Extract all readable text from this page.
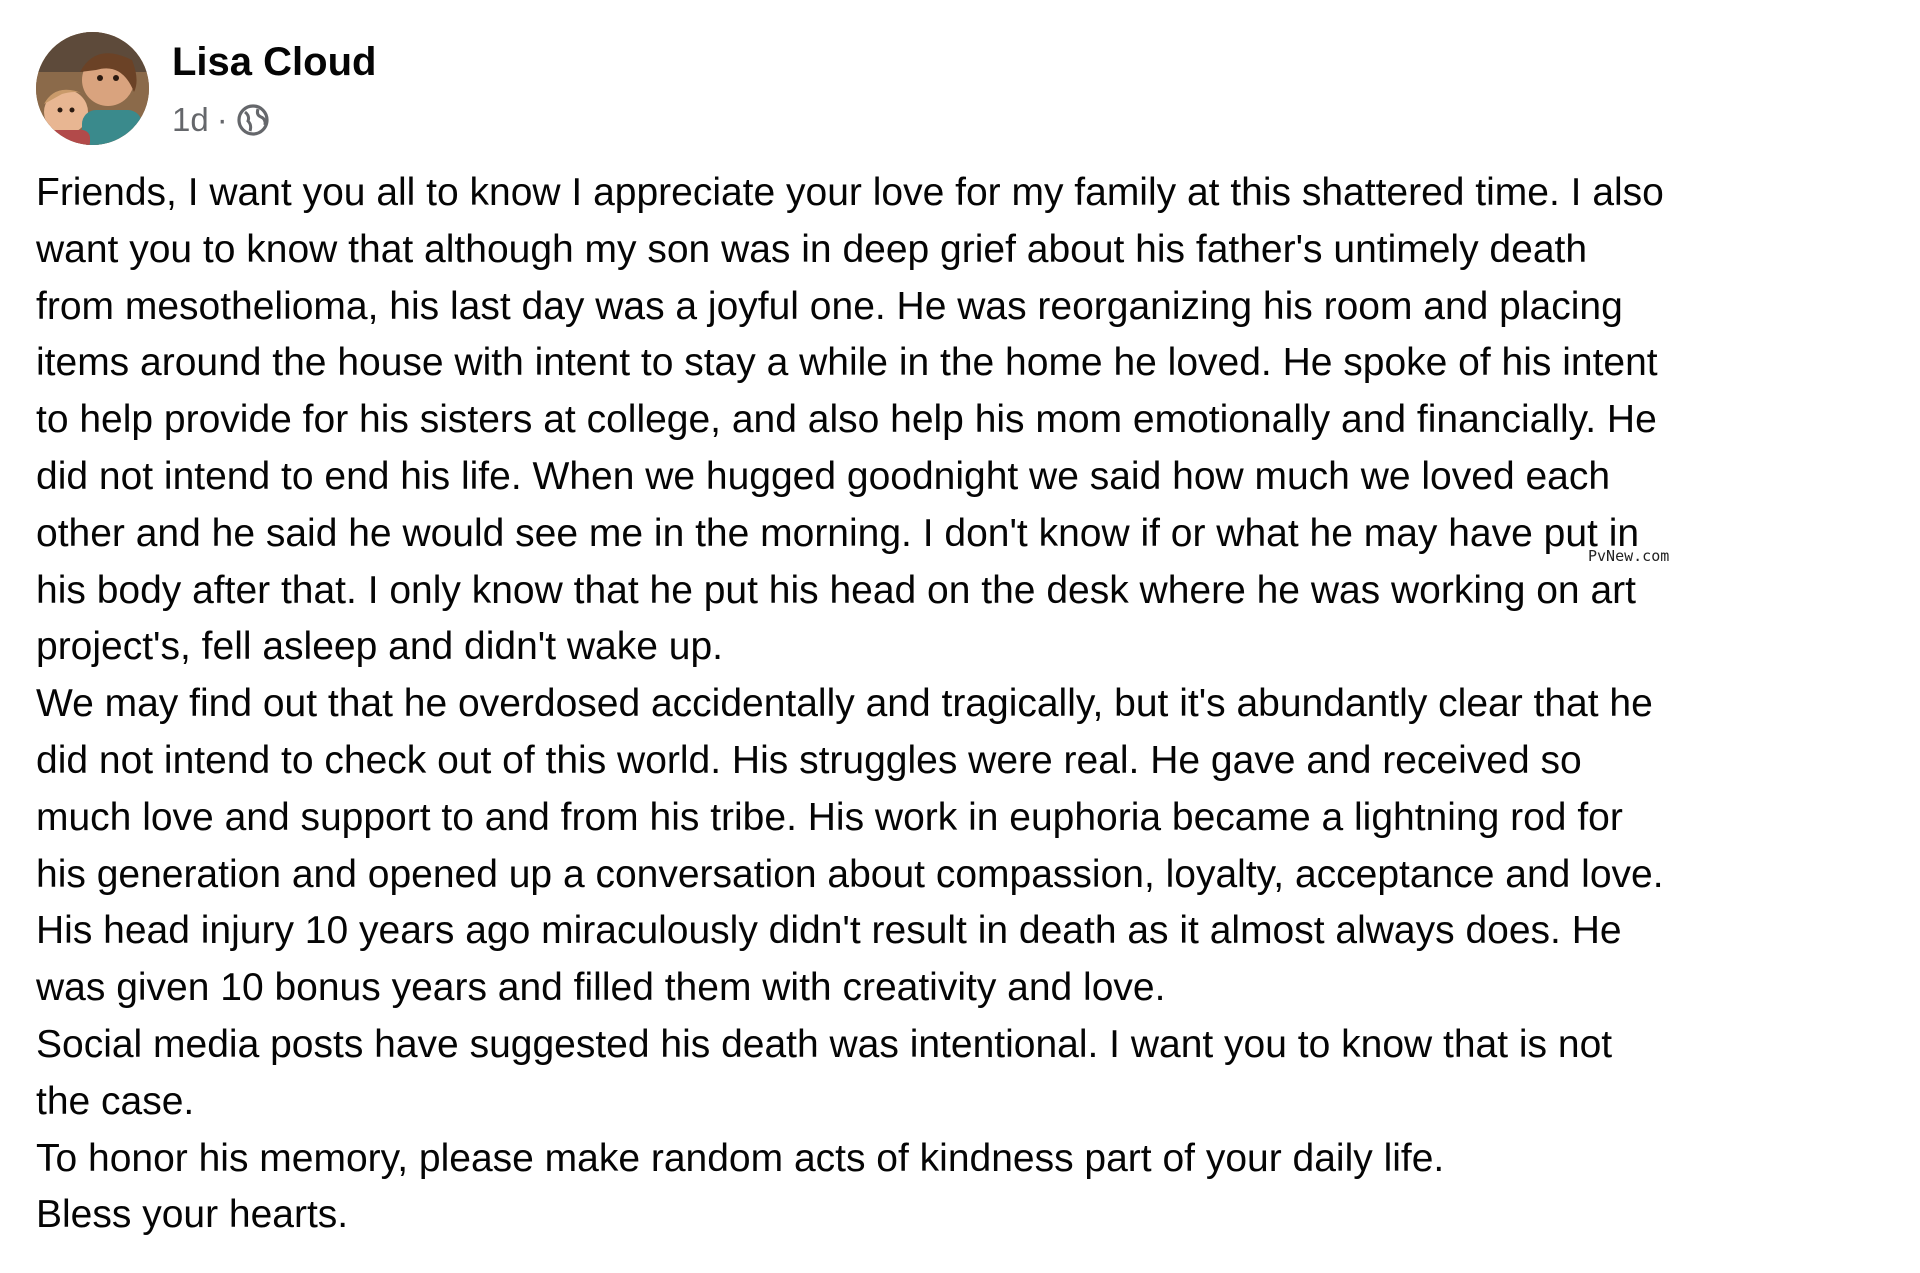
Lisa Cloud
1d ·
Friends, I want you all to know I appreciate your love for my family at this shattered time. I also
want you to know that although my son was in deep grief about his father's untimely death
from mesothelioma, his last day was a joyful one. He was reorganizing his room and placing
items around the house with intent to stay a while in the home he loved. He spoke of his intent
to help provide for his sisters at college, and also help his mom emotionally and financially. He
did not intend to end his life. When we hugged goodnight we said how much we loved each
other and he said he would see me in the morning. I don't know if or what he may have put in
his body after that. I only know that he put his head on the desk where he was working on art
project's, fell asleep and didn't wake up.
We may find out that he overdosed accidentally and tragically, but it's abundantly clear that he
did not intend to check out of this world. His struggles were real. He gave and received so
much love and support to and from his tribe. His work in euphoria became a lightning rod for
his generation and opened up a conversation about compassion, loyalty, acceptance and love.
His head injury 10 years ago miraculously didn't result in death as it almost always does. He
was given 10 bonus years and filled them with creativity and love.
Social media posts have suggested his death was intentional. I want you to know that is not
the case.
To honor his memory, please make random acts of kindness part of your daily life.
Bless your hearts.
PvNew.com
